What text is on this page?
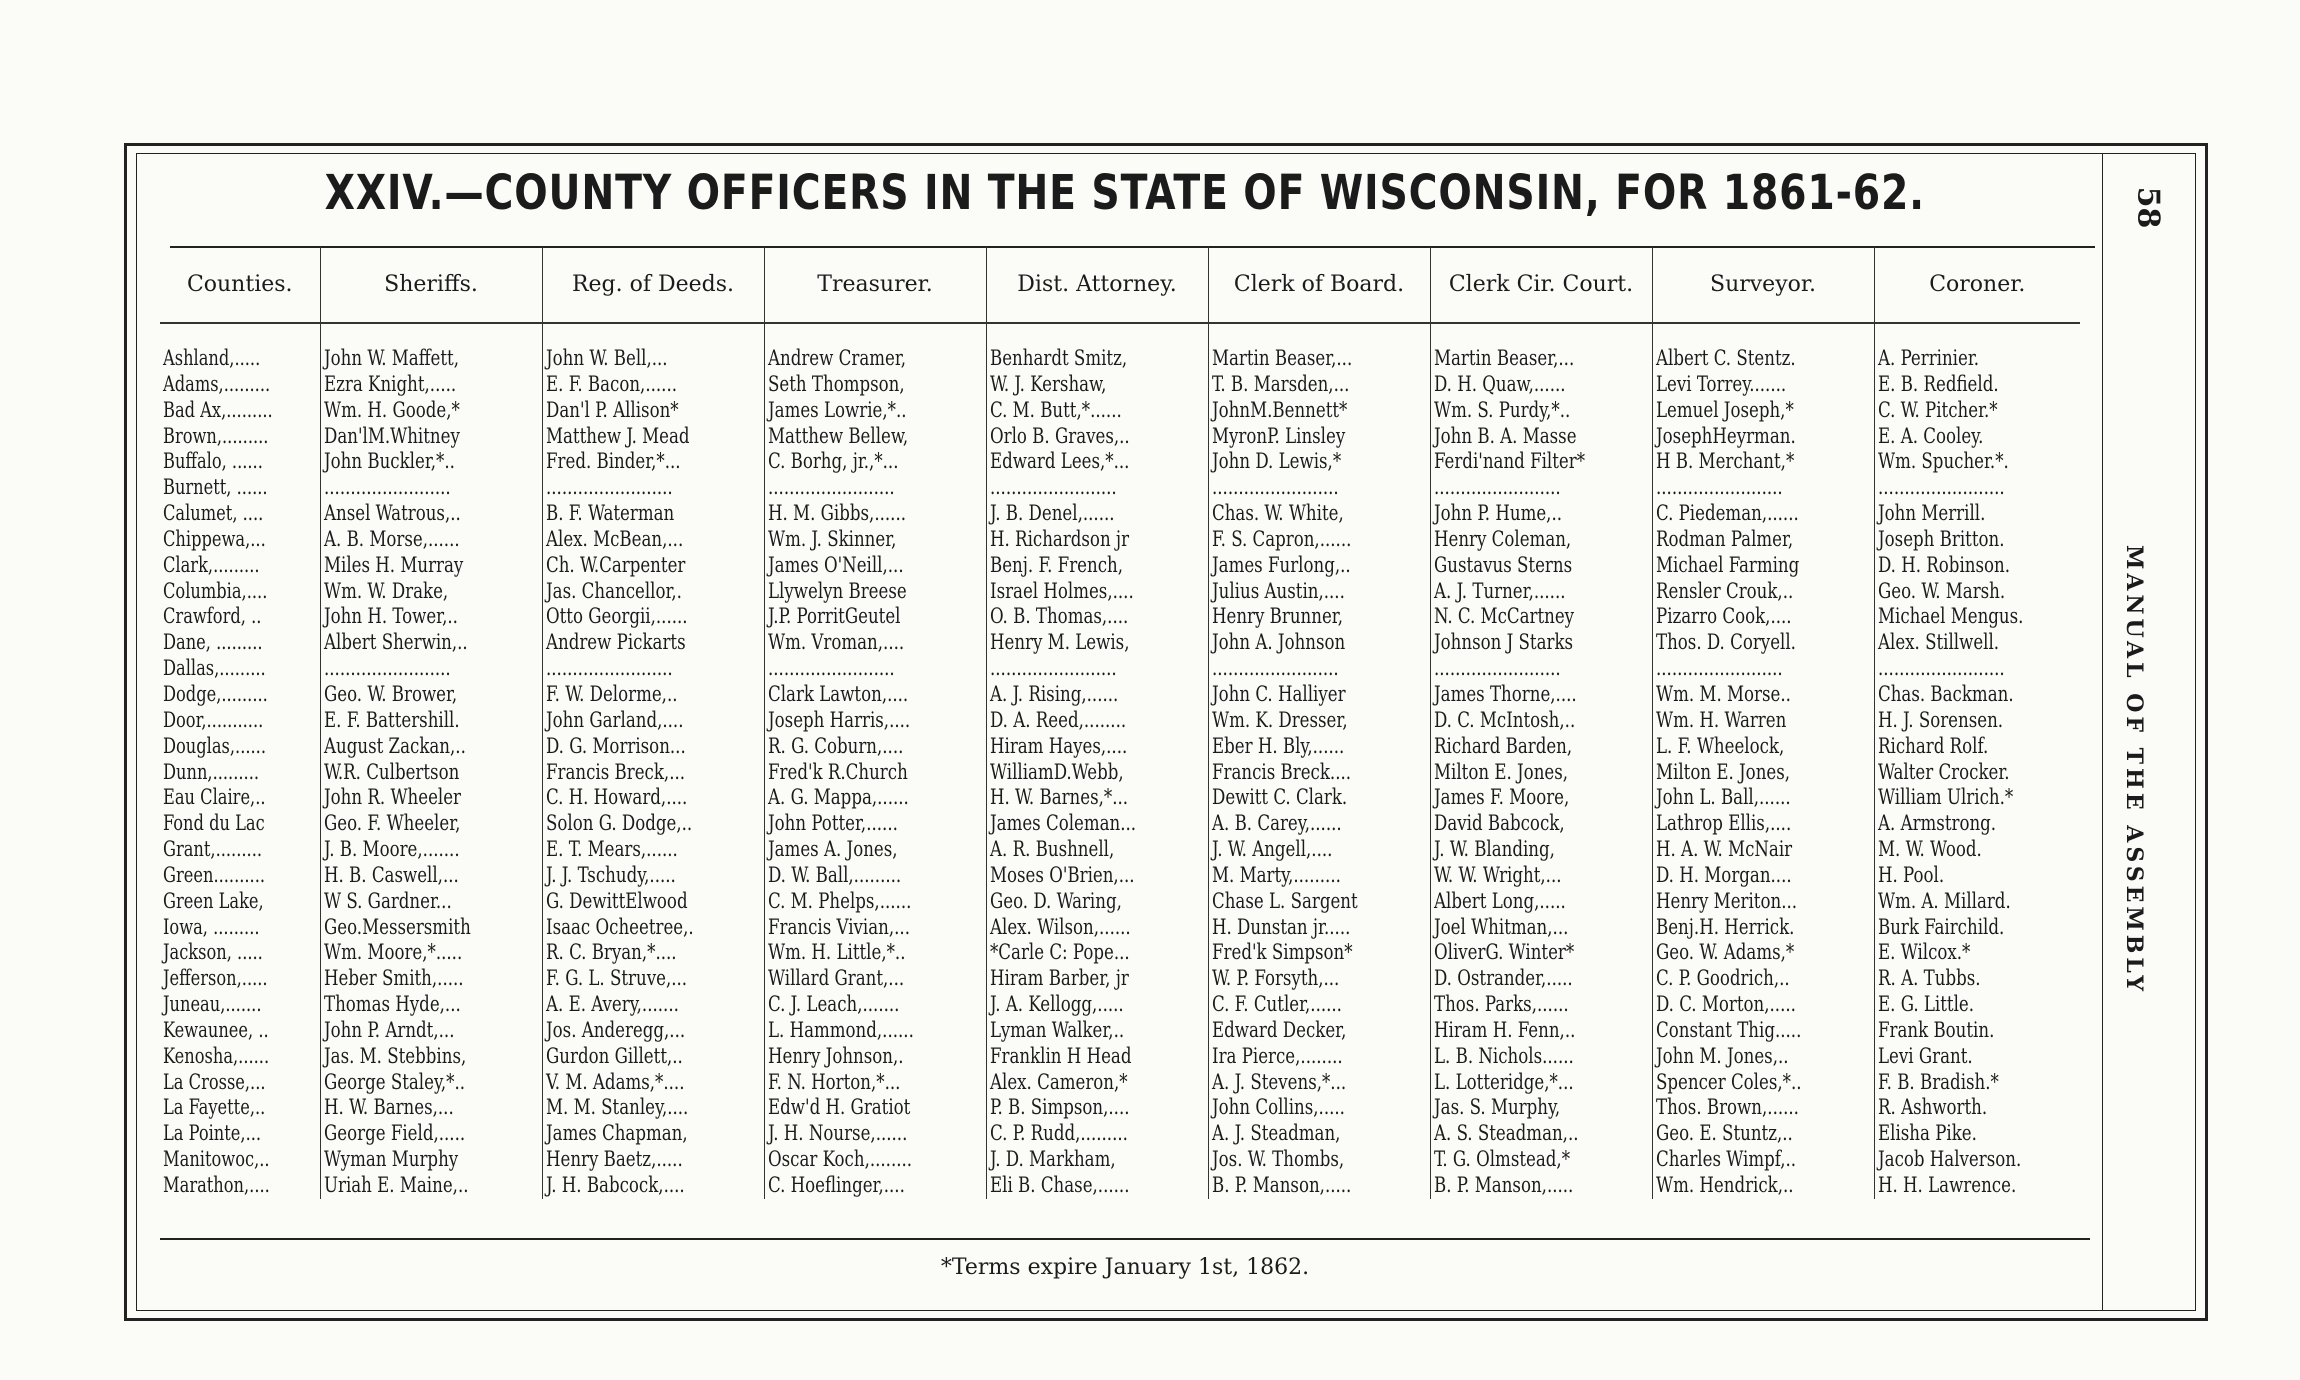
XXIV.—COUNTY OFFICERS IN THE STATE OF WISCONSIN, FOR 1861-62.	58
MANUAL OF THE ASSEMBLY
Counties.	Sheriffs.	Reg. of Deeds.	Treasurer.	Dist. Attorney.	Clerk of Board.	Clerk Cir. Court.	Surveyor.	Coroner.

Ashland,.....	John W. Maffett,	John W. Bell,...	Andrew Cramer,	Benhardt Smitz,	Martin Beaser,...	Martin Beaser,...	Albert C. Stentz.	A. Perrinier.
Adams,.........	Ezra Knight,.....	E. F. Bacon,......	Seth Thompson,	W. J. Kershaw,	T. B. Marsden,...	D. H. Quaw,......	Levi Torrey.......	E. B. Redfield.
Bad Ax,.........	Wm. H. Goode,*	Dan'l P. Allison*	James Lowrie,*..	C. M. Butt,*......	JohnM.Bennett*	Wm. S. Purdy,*..	Lemuel Joseph,*	C. W. Pitcher.*
Brown,.........	Dan'lM.Whitney	Matthew J. Mead	Matthew Bellew,	Orlo B. Graves,..	MyronP. Linsley	John B. A. Masse	JosephHeyrman.	E. A. Cooley.
Buffalo, ......	John Buckler,*..	Fred. Binder,*...	C. Borhg, jr.,*...	Edward Lees,*...	John D. Lewis,*	Ferdi'nand Filter*	H B. Merchant,*	Wm. Spucher.*.
Burnett, ......	........................	........................	........................	........................	........................	........................	........................	........................
Calumet, ....	Ansel Watrous,..	B. F. Waterman	H. M. Gibbs,......	J. B. Denel,......	Chas. W. White,	John P. Hume,..	C. Piedeman,......	John Merrill.
Chippewa,...	A. B. Morse,......	Alex. McBean,...	Wm. J. Skinner,	H. Richardson jr	F. S. Capron,......	Henry Coleman,	Rodman Palmer,	Joseph Britton.
Clark,.........	Miles H. Murray	Ch. W.Carpenter	James O'Neill,...	Benj. F. French,	James Furlong,..	Gustavus Sterns	Michael Farming	D. H. Robinson.
Columbia,....	Wm. W. Drake,	Jas. Chancellor,.	Llywelyn Breese	Israel Holmes,....	Julius Austin,....	A. J. Turner,......	Rensler Crouk,..	Geo. W. Marsh.
Crawford, ..	John H. Tower,..	Otto Georgii,......	J.P. PorritGeutel	O. B. Thomas,....	Henry Brunner,	N. C. McCartney	Pizarro Cook,....	Michael Mengus.
Dane, .........	Albert Sherwin,..	Andrew Pickarts	Wm. Vroman,....	Henry M. Lewis,	John A. Johnson	Johnson J Starks	Thos. D. Coryell.	Alex. Stillwell.
Dallas,.........	........................	........................	........................	........................	........................	........................	........................	........................
Dodge,.........	Geo. W. Brower,	F. W. Delorme,..	Clark Lawton,....	A. J. Rising,......	John C. Halliyer	James Thorne,....	Wm. M. Morse..	Chas. Backman.
Door,...........	E. F. Battershill.	John Garland,....	Joseph Harris,....	D. A. Reed,........	Wm. K. Dresser,	D. C. McIntosh,..	Wm. H. Warren	H. J. Sorensen.
Douglas,......	August Zackan,..	D. G. Morrison...	R. G. Coburn,....	Hiram Hayes,....	Eber H. Bly,......	Richard Barden,	L. F. Wheelock,	Richard Rolf.
Dunn,.........	W.R. Culbertson	Francis Breck,...	Fred'k R.Church	WilliamD.Webb,	Francis Breck....	Milton E. Jones,	Milton E. Jones,	Walter Crocker.
Eau Claire,..	John R. Wheeler	C. H. Howard,....	A. G. Mappa,......	H. W. Barnes,*...	Dewitt C. Clark.	James F. Moore,	John L. Ball,......	William Ulrich.*
Fond du Lac	Geo. F. Wheeler,	Solon G. Dodge,..	John Potter,......	James Coleman...	A. B. Carey,......	David Babcock,	Lathrop Ellis,....	A. Armstrong.
Grant,.........	J. B. Moore,.......	E. T. Mears,......	James A. Jones,	A. R. Bushnell,	J. W. Angell,....	J. W. Blanding,	H. A. W. McNair	M. W. Wood.
Green..........	H. B. Caswell,...	J. J. Tschudy,.....	D. W. Ball,.........	Moses O'Brien,...	M. Marty,.........	W. W. Wright,...	D. H. Morgan....	H. Pool.
Green Lake,	W S. Gardner...	G. DewittElwood	C. M. Phelps,......	Geo. D. Waring,	Chase L. Sargent	Albert Long,.....	Henry Meriton...	Wm. A. Millard.
Iowa, .........	Geo.Messersmith	Isaac Ocheetree,.	Francis Vivian,...	Alex. Wilson,......	H. Dunstan jr.....	Joel Whitman,...	Benj.H. Herrick.	Burk Fairchild.
Jackson, .....	Wm. Moore,*.....	R. C. Bryan,*....	Wm. H. Little,*..	*Carle C: Pope...	Fred'k Simpson*	OliverG. Winter*	Geo. W. Adams,*	E. Wilcox.*
Jefferson,.....	Heber Smith,.....	F. G. L. Struve,...	Willard Grant,...	Hiram Barber, jr	W. P. Forsyth,...	D. Ostrander,.....	C. P. Goodrich,..	R. A. Tubbs.
Juneau,.......	Thomas Hyde,...	A. E. Avery,.......	C. J. Leach,.......	J. A. Kellogg,.....	C. F. Cutler,......	Thos. Parks,......	D. C. Morton,.....	E. G. Little.
Kewaunee, ..	John P. Arndt,...	Jos. Anderegg,...	L. Hammond,......	Lyman Walker,..	Edward Decker,	Hiram H. Fenn,..	Constant Thig.....	Frank Boutin.
Kenosha,......	Jas. M. Stebbins,	Gurdon Gillett,..	Henry Johnson,.	Franklin H Head	Ira Pierce,........	L. B. Nichols......	John M. Jones,..	Levi Grant.
La Crosse,...	George Staley,*..	V. M. Adams,*....	F. N. Horton,*...	Alex. Cameron,*	A. J. Stevens,*...	L. Lotteridge,*...	Spencer Coles,*..	F. B. Bradish.*
La Fayette,..	H. W. Barnes,...	M. M. Stanley,....	Edw'd H. Gratiot	P. B. Simpson,....	John Collins,.....	Jas. S. Murphy,	Thos. Brown,......	R. Ashworth.
La Pointe,...	George Field,.....	James Chapman,	J. H. Nourse,......	C. P. Rudd,.........	A. J. Steadman,	A. S. Steadman,..	Geo. E. Stuntz,..	Elisha Pike.
Manitowoc,..	Wyman Murphy	Henry Baetz,.....	Oscar Koch,........	J. D. Markham,	Jos. W. Thombs,	T. G. Olmstead,*	Charles Wimpf,..	Jacob Halverson.
Marathon,....	Uriah E. Maine,..	J. H. Babcock,....	C. Hoeflinger,....	Eli B. Chase,......	B. P. Manson,.....	B. P. Manson,.....	Wm. Hendrick,..	H. H. Lawrence.
*Terms expire January 1st, 1862.
